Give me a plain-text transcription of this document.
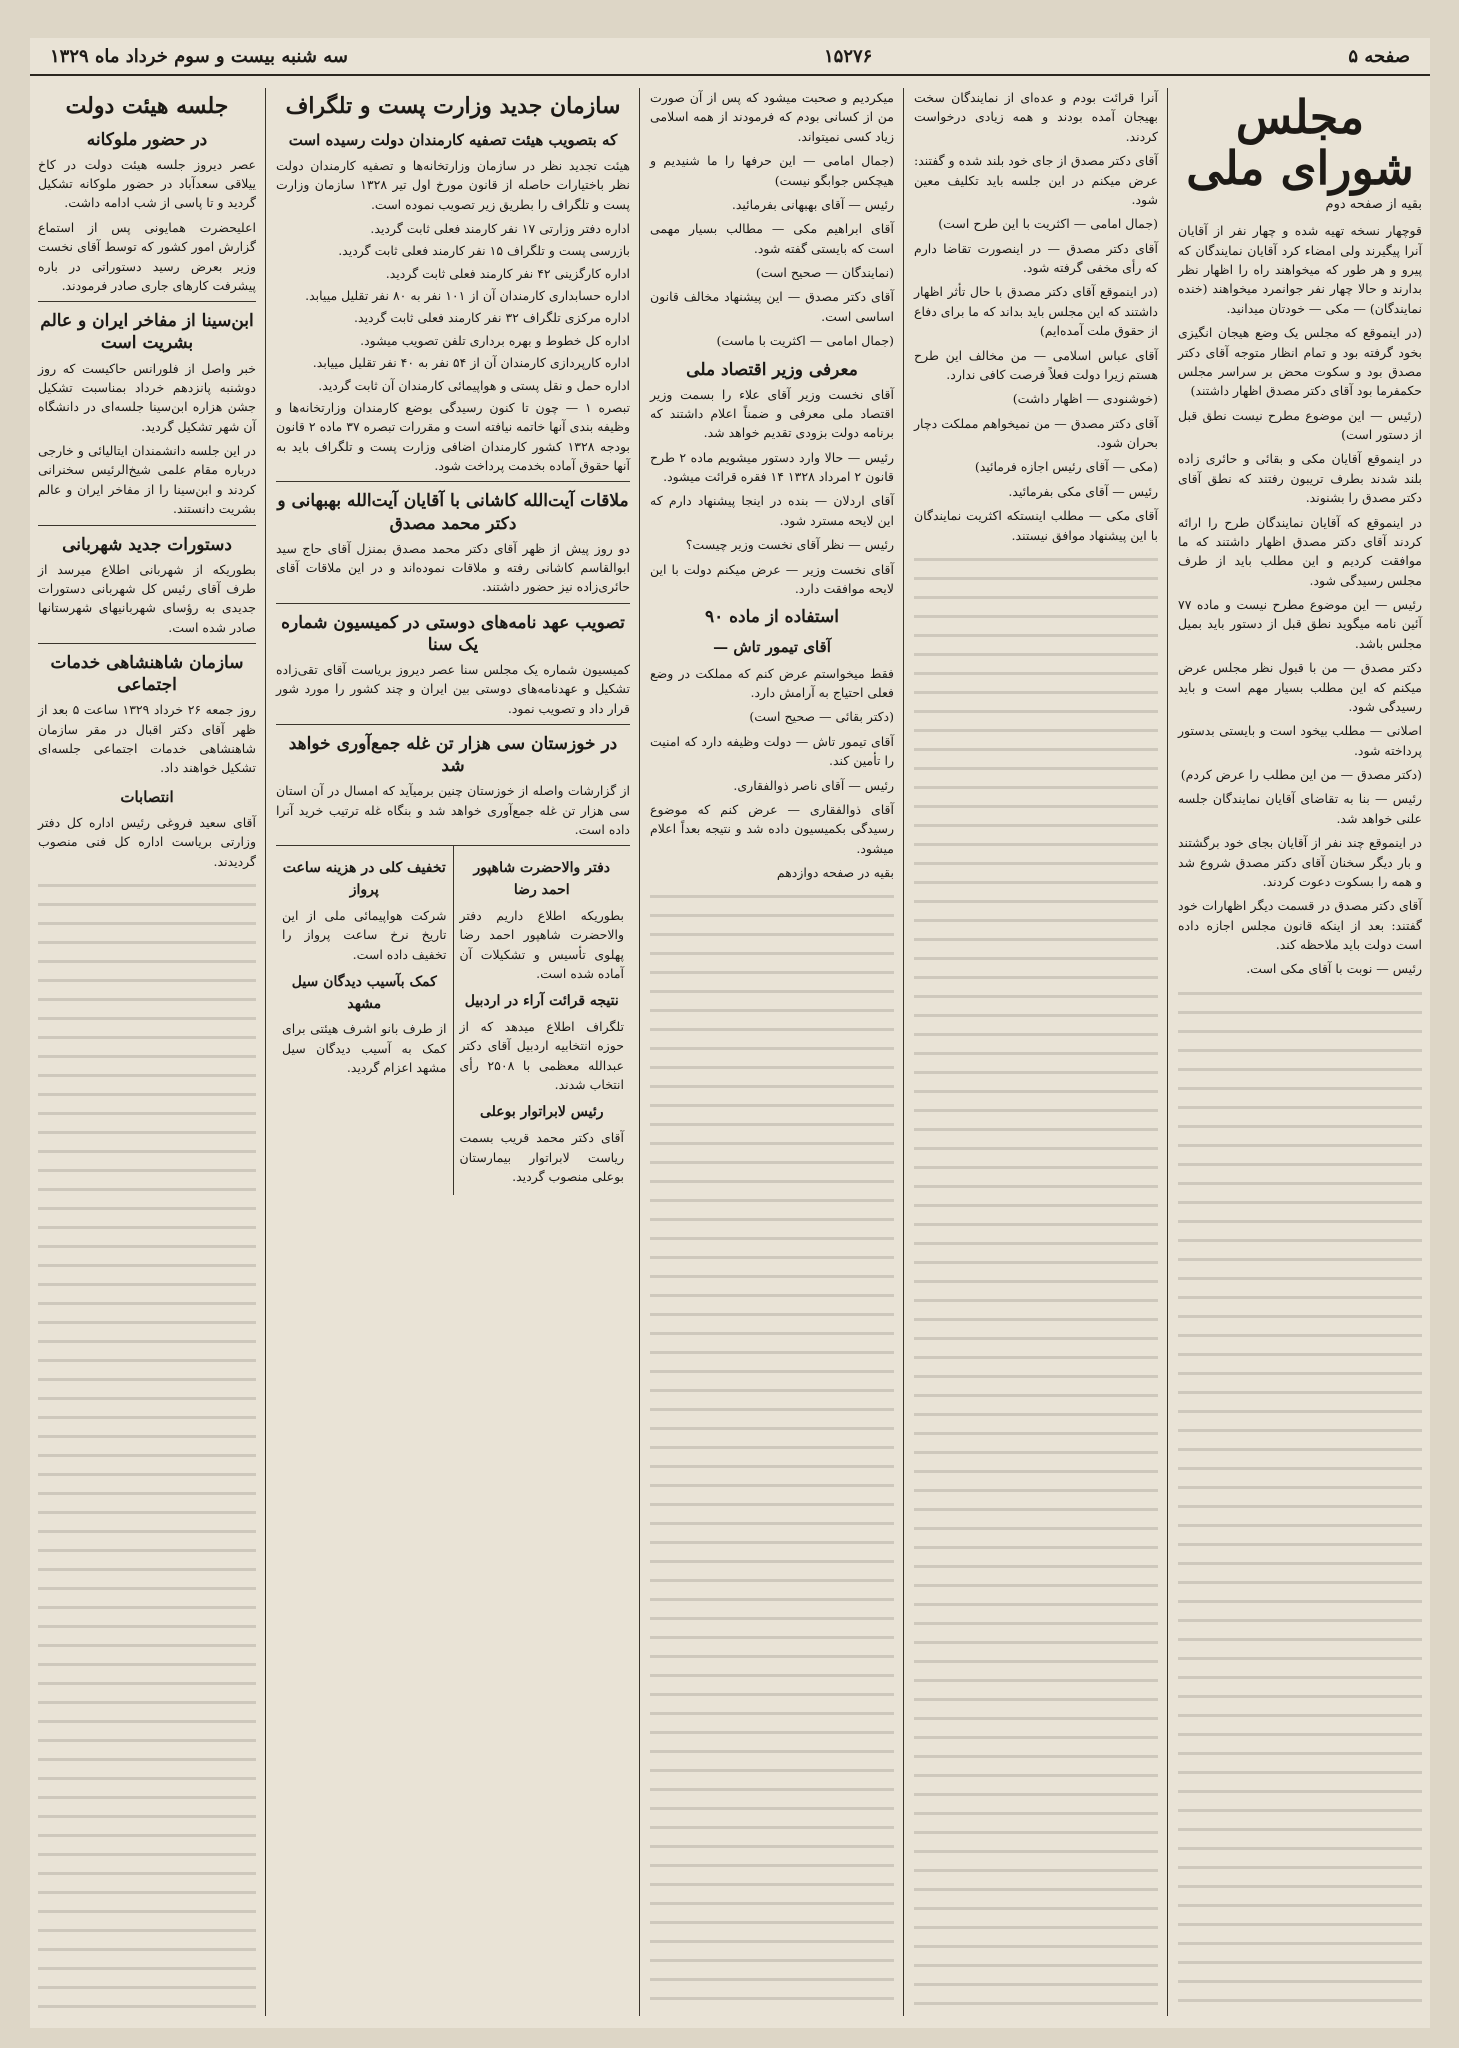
صفحه ۵
۱۵۲۷۶
سه شنبه بیست و سوم خرداد ماه ۱۳۲۹
مجلس شورای ملی
بقیه از صفحه دوم

قوچهار نسخه تهیه شده و چهار نفر از آقایان آنرا پیگیرند ولی امضاء کرد آقایان نمایندگان که پیرو و هر طور که میخواهند راه را اظهار نظر بدارند و حالا چهار نفر جوانمرد میخواهند (خنده نمایندگان) — مکی — خودتان میدانید.

(در اینموقع که مجلس یک وضع هیجان انگیزی بخود گرفته بود و تمام انظار متوجه آقای دکتر مصدق بود و سکوت محض بر سراسر مجلس حکمفرما بود آقای دکتر مصدق اظهار داشتند)

(رئیس — این موضوع مطرح نیست نطق قبل از دستور است)

در اینموقع آقایان مکی و بقائی و حائری زاده بلند شدند بطرف تریبون رفتند که نطق آقای دکتر مصدق را بشنوند.

در اینموقع که آقایان نمایندگان طرح را ارائه کردند آقای دکتر مصدق اظهار داشتند که ما موافقت کردیم و این مطلب باید از طرف مجلس رسیدگی شود.

رئیس — این موضوع مطرح نیست و ماده ۷۷ آئین نامه میگوید نطق قبل از دستور باید بمیل مجلس باشد.

دکتر مصدق — من با قبول نظر مجلس عرض میکنم که این مطلب بسیار مهم است و باید رسیدگی شود.

اصلانی — مطلب بیخود است و بایستی بدستور پرداخته شود.

(دکتر مصدق — من این مطلب را عرض کردم)

رئیس — بنا به تقاضای آقایان نمایندگان جلسه علنی خواهد شد.

در اینموقع چند نفر از آقایان بجای خود برگشتند و بار دیگر سخنان آقای دکتر مصدق شروع شد و همه را بسکوت دعوت کردند.

آقای دکتر مصدق در قسمت دیگر اظهارات خود گفتند: بعد از اینکه قانون مجلس اجازه داده است دولت باید ملاحظه کند.

رئیس — نوبت با آقای مکی است.

آنرا قرائت بودم و عده‌ای از نمایندگان سخت بهیجان آمده بودند و همه زیادی درخواست کردند.

آقای دکتر مصدق از جای خود بلند شده و گفتند: عرض میکنم در این جلسه باید تکلیف معین شود.

(جمال امامی — اکثریت با این طرح است)

آقای دکتر مصدق — در اینصورت تقاضا دارم که رأی مخفی گرفته شود.

(در اینموقع آقای دکتر مصدق با حال تأثر اظهار داشتند که این مجلس باید بداند که ما برای دفاع از حقوق ملت آمده‌ایم)

آقای عباس اسلامی — من مخالف این طرح هستم زیرا دولت فعلاً فرصت کافی ندارد.

(خوشنودی — اظهار داشت)

آقای دکتر مصدق — من نمیخواهم مملکت دچار بحران شود.

(مکی — آقای رئیس اجازه فرمائید)

رئیس — آقای مکی بفرمائید.

آقای مکی — مطلب اینستکه اکثریت نمایندگان با این پیشنهاد موافق نیستند.

میکردیم و صحبت میشود که پس از آن صورت من از کسانی بودم که فرمودند از همه اسلامی زیاد کسی نمیتواند.

(جمال امامی — این حرفها را ما شنیدیم و هیچکس جوابگو نیست)

رئیس — آقای بهبهانی بفرمائید.

آقای ابراهیم مکی — مطالب بسیار مهمی است که بایستی گفته شود.

(نمایندگان — صحیح است)

آقای دکتر مصدق — این پیشنهاد مخالف قانون اساسی است.

(جمال امامی — اکثریت با ماست)

معرفی وزیر اقتصاد ملی

آقای نخست وزیر آقای علاء را بسمت وزیر اقتصاد ملی معرفی و ضمناً اعلام داشتند که برنامه دولت بزودی تقدیم خواهد شد.

رئیس — حالا وارد دستور میشویم ماده ۲ طرح قانون ۲ امرداد ۱۳۲۸ ۱۴ فقره قرائت میشود.

آقای اردلان — بنده در اینجا پیشنهاد دارم که این لایحه مسترد شود.

رئیس — نظر آقای نخست وزیر چیست؟

آقای نخست وزیر — عرض میکنم دولت با این لایحه موافقت دارد.

استفاده از ماده ۹۰
آقای تیمور تاش —

فقط میخواستم عرض کنم که مملکت در وضع فعلی احتیاج به آرامش دارد.

(دکتر بقائی — صحیح است)

آقای تیمور تاش — دولت وظیفه دارد که امنیت را تأمین کند.

رئیس — آقای ناصر ذوالفقاری.

آقای ذوالفقاری — عرض کنم که موضوع رسیدگی بکمیسیون داده شد و نتیجه بعداً اعلام میشود.

بقیه در صفحه دوازدهم

سازمان جدید وزارت پست و تلگراف
که بتصویب هیئت تصفیه کارمندان دولت رسیده است

هیئت تجدید نظر در سازمان وزارتخانه‌ها و تصفیه کارمندان دولت نظر باختیارات حاصله از قانون مورخ اول تیر ۱۳۲۸ سازمان وزارت پست و تلگراف را بطریق زیر تصویب نموده است.

اداره دفتر وزارتی ۱۷ نفر کارمند فعلی ثابت گردید.

بازرسی پست و تلگراف ۱۵ نفر کارمند فعلی ثابت گردید.

اداره کارگزینی ۴۲ نفر کارمند فعلی ثابت گردید.

اداره حسابداری کارمندان آن از ۱۰۱ نفر به ۸۰ نفر تقلیل مییابد.

اداره مرکزی تلگراف ۳۲ نفر کارمند فعلی ثابت گردید.

اداره کل خطوط و بهره برداری تلفن تصویب میشود.

اداره کارپردازی کارمندان آن از ۵۴ نفر به ۴۰ نفر تقلیل مییابد.

اداره حمل و نقل پستی و هواپیمائی کارمندان آن ثابت گردید.

تبصره ۱ — چون تا کنون رسیدگی بوضع کارمندان وزارتخانه‌ها و وظیفه بندی آنها خاتمه نیافته است و مقررات تبصره ۳۷ ماده ۲ قانون بودجه ۱۳۲۸ کشور کارمندان اضافی وزارت پست و تلگراف باید به آنها حقوق آماده بخدمت پرداخت شود.

ملاقات آیت‌الله کاشانی با آقایان آیت‌الله بهبهانی و دکتر محمد مصدق

دو روز پیش از ظهر آقای دکتر محمد مصدق بمنزل آقای حاج سید ابوالقاسم کاشانی رفته و ملاقات نموده‌اند و در این ملاقات آقای حائری‌زاده نیز حضور داشتند.

تصویب عهد نامه‌های دوستی در کمیسیون شماره یک سنا

کمیسیون شماره یک مجلس سنا عصر دیروز بریاست آقای تقی‌زاده تشکیل و عهدنامه‌های دوستی بین ایران و چند کشور را مورد شور قرار داد و تصویب نمود.

در خوزستان سی هزار تن غله جمع‌آوری خواهد شد

از گزارشات واصله از خوزستان چنین برمیآید که امسال در آن استان سی هزار تن غله جمع‌آوری خواهد شد و بنگاه غله ترتیب خرید آنرا داده است.

دفتر والاحضرت شاهپور احمد رضا

بطوریکه اطلاع داریم دفتر والاحضرت شاهپور احمد رضا پهلوی تأسیس و تشکیلات آن آماده شده است.

نتیجه قرائت آراء در اردبیل

تلگراف اطلاع میدهد که از حوزه انتخابیه اردبیل آقای دکتر عبدالله معظمی با ۲۵۰۸ رأی انتخاب شدند.

رئیس لابراتوار بوعلی

آقای دکتر محمد قریب بسمت ریاست لابراتوار بیمارستان بوعلی منصوب گردید.

تخفیف کلی در هزینه ساعت پرواز

شرکت هواپیمائی ملی از این تاریخ نرخ ساعت پرواز را تخفیف داده است.

کمک بآسیب دیدگان سیل مشهد

از طرف بانو اشرف هیئتی برای کمک به آسیب دیدگان سیل مشهد اعزام گردید.

جلسه هیئت دولت
در حضور ملوکانه

عصر دیروز جلسه هیئت دولت در کاخ ییلاقی سعدآباد در حضور ملوکانه تشکیل گردید و تا پاسی از شب ادامه داشت.

اعلیحضرت همایونی پس از استماع گزارش امور کشور که توسط آقای نخست وزیر بعرض رسید دستوراتی در باره پیشرفت کارهای جاری صادر فرمودند.

ابن‌سینا از مفاخر ایران و عالم بشریت است

خبر واصل از فلورانس حاکیست که روز دوشنبه پانزدهم خرداد بمناسبت تشکیل جشن هزاره ابن‌سینا جلسه‌ای در دانشگاه آن شهر تشکیل گردید.

در این جلسه دانشمندان ایتالیائی و خارجی درباره مقام علمی شیخ‌الرئیس سخنرانی کردند و ابن‌سینا را از مفاخر ایران و عالم بشریت دانستند.

دستورات جدید شهربانی

بطوریکه از شهربانی اطلاع میرسد از طرف آقای رئیس کل شهربانی دستورات جدیدی به رؤسای شهربانیهای شهرستانها صادر شده است.

سازمان شاهنشاهی خدمات اجتماعی

روز جمعه ۲۶ خرداد ۱۳۲۹ ساعت ۵ بعد از ظهر آقای دکتر اقبال در مقر سازمان شاهنشاهی خدمات اجتماعی جلسه‌ای تشکیل خواهند داد.

انتصابات

آقای سعید فروغی رئیس اداره کل دفتر وزارتی بریاست اداره کل فنی منصوب گردیدند.
